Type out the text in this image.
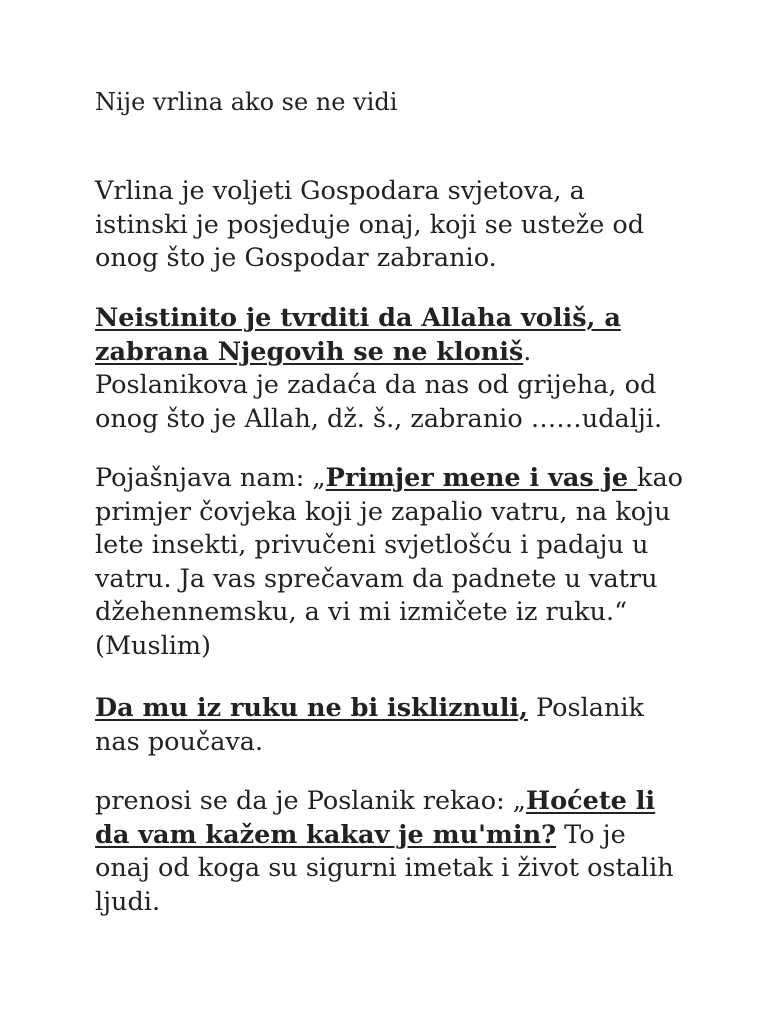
Nije vrlina ako se ne vidi

Vrlina je voljeti Gospodara svjetova, a istinski je posjeduje onaj, koji se usteže od onog što je Gospodar zabranio.

Neistinito je tvrditi da Allaha voliš, a zabrana Njegovih se ne kloniš. Poslanikova je zadaća da nas od grijeha, od onog što je Allah, dž. š., zabranio ……udalji.

Pojašnjava nam: „Primjer mene i vas je kao primjer čovjeka koji je zapalio vatru, na koju lete insekti, privučeni svjetlošću i padaju u vatru. Ja vas sprečavam da padnete u vatru džehennemsku, a vi mi izmičete iz ruku.“ (Muslim)

Da mu iz ruku ne bi iskliznuli, Poslanik nas poučava.

prenosi se da je Poslanik rekao: „Hoćete li da vam kažem kakav je mu'min? To je onaj od koga su sigurni imetak i život ostalih ljudi.
